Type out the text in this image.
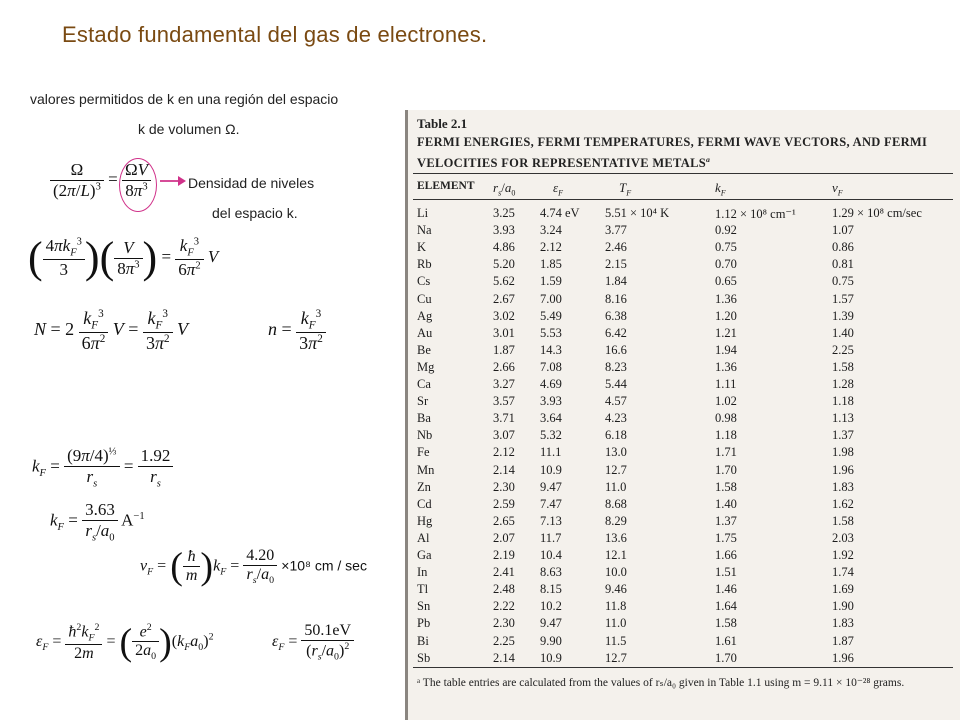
Estado fundamental del gas de electrones.
valores permitidos de k en una región del espacio
k de volumen Ω.
$\frac{\Omega}{(2\pi/L)^3} = \frac{\Omega V}{8\pi^3}$	Densidad de niveles
del espacio k.
( $\frac{4\pi k_F^3}{3}$ )( $\frac{V}{8\pi^3}$ ) = $\frac{k_F^3}{6\pi^2}$ V
$N = 2 \frac{k_F^3}{6\pi^2}$ $V = \frac{k_F^3}{3\pi^2}$ V	$n = \frac{k_F^3}{3\pi^2}$
$k_F = \frac{(9\pi/4)^{\frac{1}{3}}}{r_s} = \frac{1.92}{r_s}$
$k_F = \frac{3.63}{r_s/a_0} A^{-1}$
$v_F$ = ( $\frac{ħ}{m} )k_F = \frac{4.20}{r_s/a_0} \times 10^8$ cm / sec
$\varepsilon_F = \frac{ħ^2k_F^2}{2m}$ = ( $\frac{e^2}{2a_0} )(k_Fa_0)^2$	$\varepsilon_F = \frac{50.1eV}{(r_s/a_0)^2}$
Table 2.1
FERMI ENERGIES, FERMI TEMPERATURES, FERMI WAVE VECTORS, AND FERMI VELOCITIES FOR REPRESENTATIVE METALS$^a$
ELEMENT $r_s/a_0$	$\varepsilon_F$	$T_F$	$k_F$	$v_F$
Li	3.25 4.74 eV 5.51 × 10⁴ K	1.12 × 10⁸ cm⁻¹	1.29 × 10⁸ cm/sec
Na	3.93 3.24	3.77	0.92	1.07
K	4.86 2.12	2.46	0.75	0.86
Rb	5.20 1.85	2.15	0.70	0.81
Cs	5.62 1.59	1.84	0.65	0.75
Cu	2.67 7.00	8.16	1.36	1.57
Ag	3.02 5.49	6.38	1.20	1.39
Au	3.01 5.53	6.42	1.21	1.40
Be	1.87 14.3	16.6	1.94	2.25
Mg	2.66 7.08	8.23	1.36	1.58
Ca	3.27 4.69	5.44	1.11	1.28
Sr	3.57 3.93	4.57	1.02	1.18
Ba	3.71 3.64	4.23	0.98	1.13
Nb	3.07 5.32	6.18	1.18	1.37
Fe	2.12 11.1	13.0	1.71	1.98
Mn	2.14 10.9	12.7	1.70	1.96
Zn	2.30 9.47	11.0	1.58	1.83
Cd	2.59 7.47	8.68	1.40	1.62
Hg	2.65 7.13	8.29	1.37	1.58
Al	2.07 11.7	13.6	1.75	2.03
Ga	2.19 10.4	12.1	1.66	1.92
In	2.41 8.63	10.0	1.51	1.74
Tl	2.48 8.15	9.46	1.46	1.69
Sn	2.22 10.2	11.8	1.64	1.90
Pb	2.30 9.47	11.0	1.58	1.83
Bi	2.25 9.90	11.5	1.61	1.87
Sb	2.14 10.9	12.7	1.70	1.96
ᵃ The table entries are calculated from the values of rₛ/a₀ given in Table 1.1 using m = 9.11 × 10⁻²⁸ grams.
